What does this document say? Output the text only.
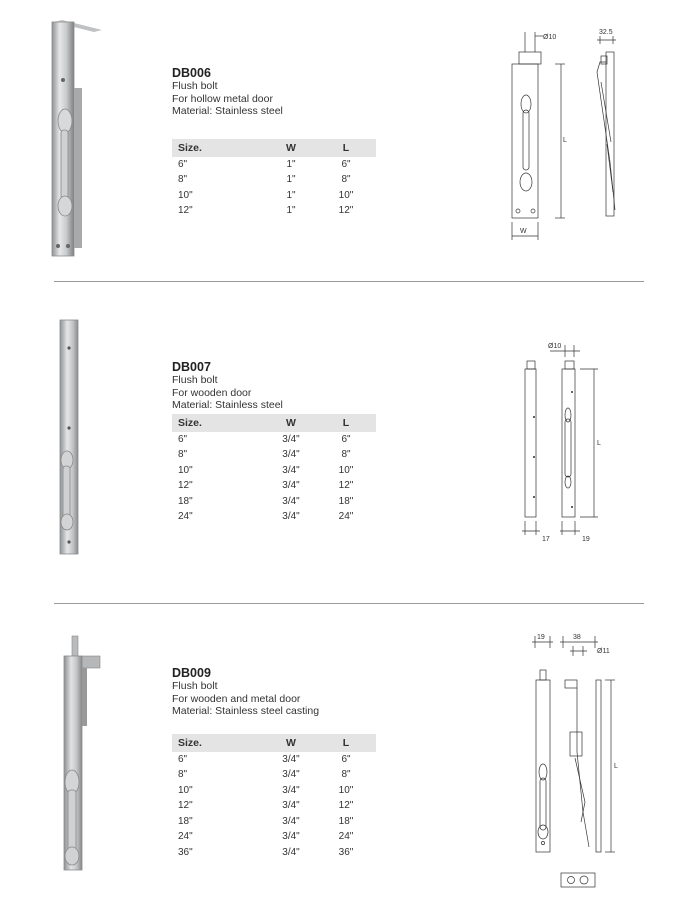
DB006
Flush bolt
For hollow metal door
Material: Stainless steel
Size.	W	L
6"	1"	6"
8"	1"	8"
10"	1"	10"
12"	1"	12"
Ø10
32.5
W
L
DB007
Flush bolt
For wooden door
Material: Stainless steel
Size.	W	L
6"	3/4"	6"
8"	3/4"	8"
10"	3/4"	10"
12"	3/4"	12"
18"	3/4"	18"
24"	3/4"	24"
Ø10
17	19
L
DB009
Flush bolt
For wooden and metal door
Material: Stainless steel casting
Size.	W	L
6"	3/4"	6"
8"	3/4"	8"
10"	3/4"	10"
12"	3/4"	12"
18"	3/4"	18"
24"	3/4"	24"
36"	3/4"	36"
19	38
Ø11
L
